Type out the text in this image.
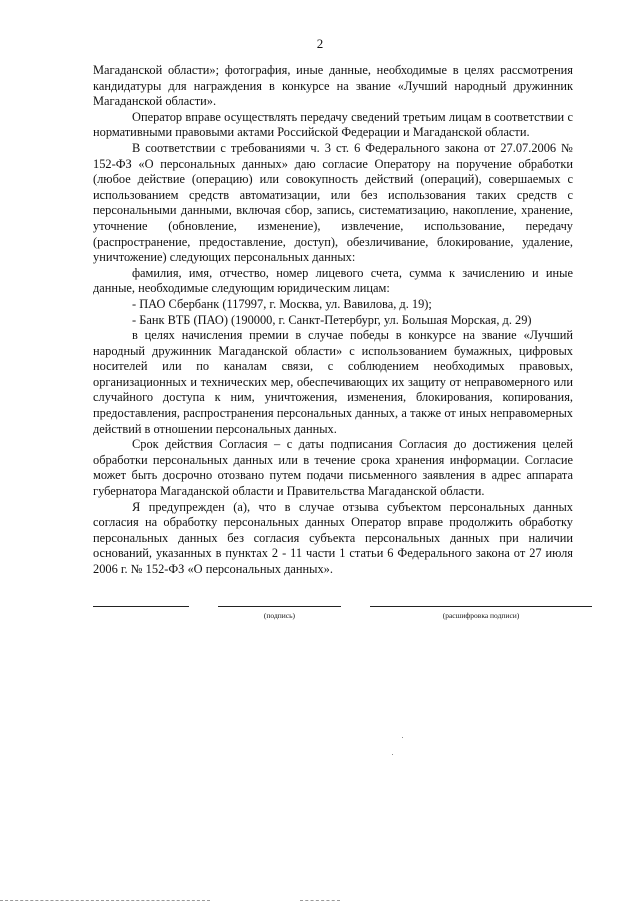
2

Магаданской области»; фотография, иные данные, необходимые в целях рассмотрения кандидатуры для награждения в конкурсе на звание «Лучший народный дружинник Магаданской области».

Оператор вправе осуществлять передачу сведений третьим лицам в соответствии с нормативными правовыми актами Российской Федерации и Магаданской области.

В соответствии с требованиями ч. 3 ст. 6 Федерального закона от 27.07.2006 № 152-ФЗ «О персональных данных» даю согласие Оператору на поручение обработки (любое действие (операцию) или совокупность действий (операций), совершаемых с использованием средств автоматизации, или без использования таких средств с персональными данными, включая сбор, запись, систематизацию, накопление, хранение, уточнение (обновление, изменение), извлечение, использование, передачу (распространение, предоставление, доступ), обезличивание, блокирование, удаление, уничтожение) следующих персональных данных:

фамилия, имя, отчество, номер лицевого счета, сумма к зачислению и иные данные, необходимые следующим юридическим лицам:

- ПАО Сбербанк (117997, г. Москва, ул. Вавилова, д. 19);

- Банк ВТБ (ПАО) (190000, г. Санкт-Петербург, ул. Большая Морская, д. 29)

в целях начисления премии в случае победы в конкурсе на звание «Лучший народный дружинник Магаданской области» с использованием бумажных, цифровых носителей или по каналам связи, с соблюдением необходимых правовых, организационных и технических мер, обеспечивающих их защиту от неправомерного или случайного доступа к ним, уничтожения, изменения, блокирования, копирования, предоставления, распространения персональных данных, а также от иных неправомерных действий в отношении персональных данных.

Срок действия Согласия – с даты подписания Согласия до достижения целей обработки персональных данных или в течение срока хранения информации. Согласие может быть досрочно отозвано путем подачи письменного заявления в адрес аппарата губернатора Магаданской области и Правительства Магаданской области.

Я предупрежден (а), что в случае отзыва субъектом персональных данных согласия на обработку персональных данных Оператор вправе продолжить обработку персональных данных без согласия субъекта персональных данных при наличии оснований, указанных в пунктах 2 - 11 части 1 статьи 6 Федерального закона от 27 июля 2006 г. № 152-ФЗ «О персональных данных».

(подпись)	(расшифровка подписи)
